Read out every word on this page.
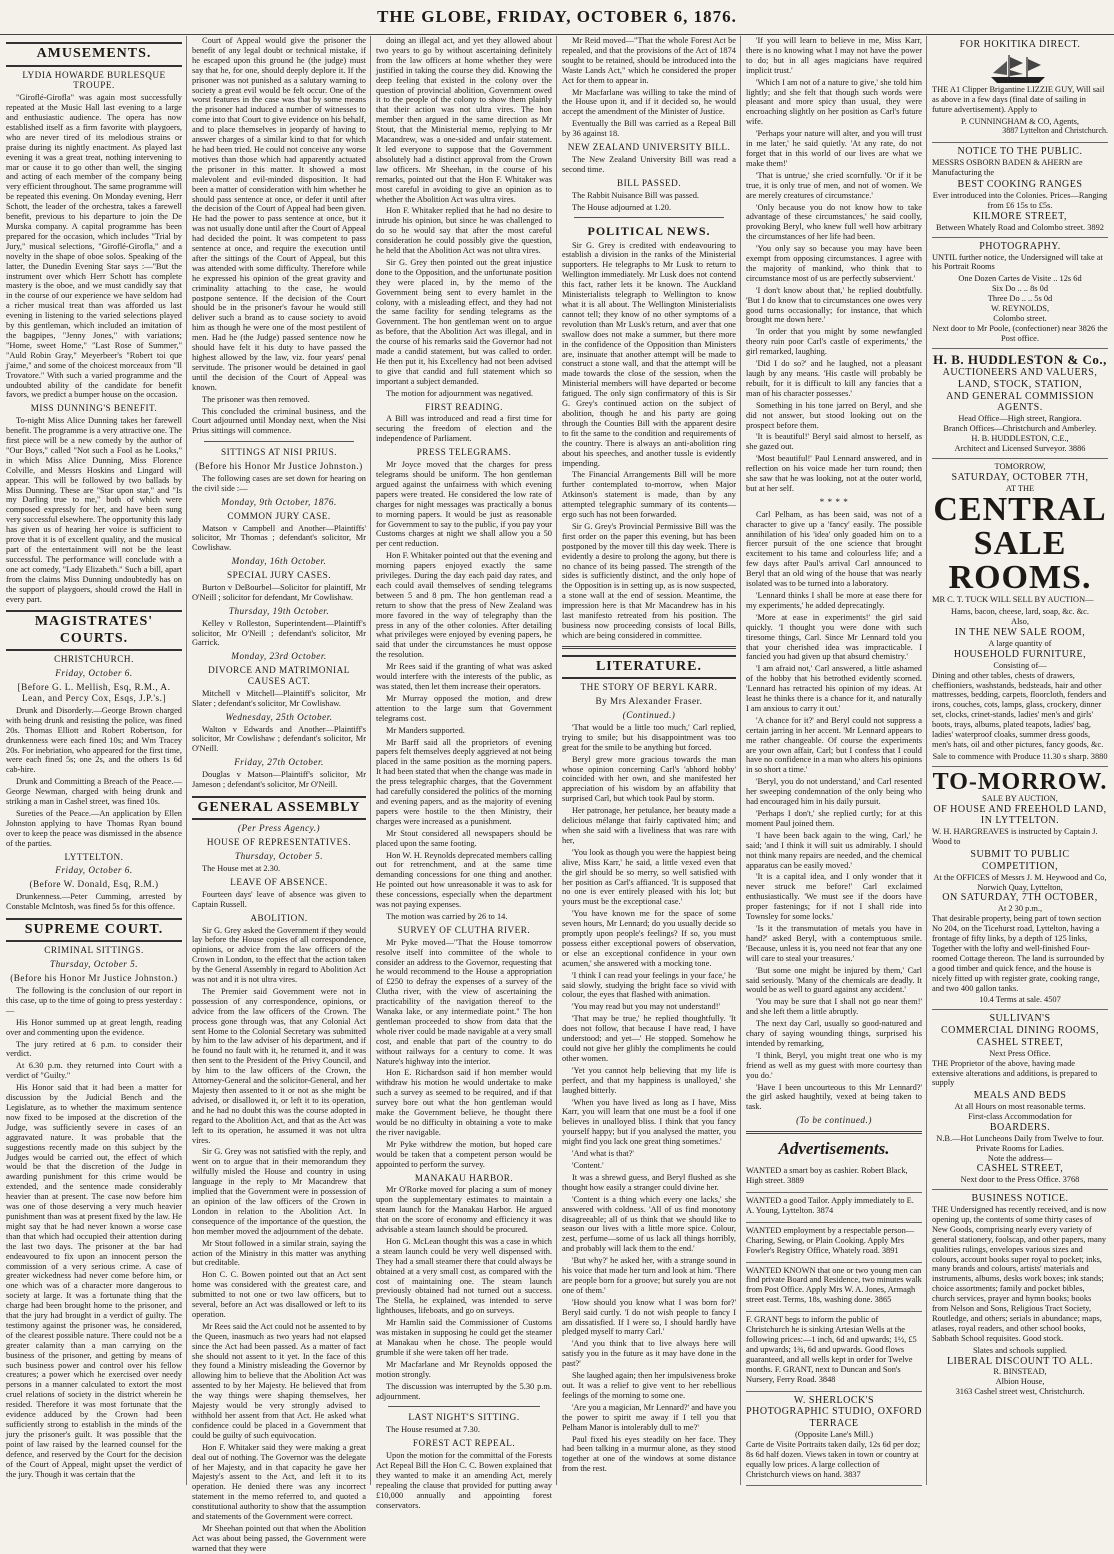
THE GLOBE, FRIDAY, OCTOBER 6, 1876.
AMUSEMENTS.
LYDIA HOWARDE BURLESQUE TROUPE.

"Giroflé-Girofla" was again most successfully repeated at the Music Hall last evening to a large and enthusiastic audience. The opera has now established itself as a firm favorite with playgoers, who are never tired of its melodious strains or praise during its nightly enactment. As played last evening it was a great treat, nothing intervening to mar or cause it to go other than well, the singing and acting of each member of the company being very efficient throughout. The same programme will be repeated this evening. On Monday evening, Herr Schott, the leader of the orchestra, takes a farewell benefit, previous to his departure to join the De Murska company. A capital programme has been prepared for the occasion, which includes "Trial by Jury," musical selections, "Giroflé-Girofla," and a novelty in the shape of oboe solos. Speaking of the latter, the Dunedin Evening Star says :—"But the instrument over which Herr Schott has complete mastery is the oboe, and we must candidly say that in the course of our experience we have seldom had a richer musical treat than was afforded us last evening in listening to the varied selections played by this gentleman, which included an imitation of the bagpipes, "Jenny Jones," with variations; "Home, sweet Home," "Last Rose of Summer," "Auld Robin Gray," Meyerbeer's "Robert toi que j'aime," and some of the choicest morceaux from "Il Trovatore." With such a varied programme and the undoubted ability of the candidate for benefit favors, we predict a bumper house on the occasion.

MISS DUNNING'S BENEFIT.

To-night Miss Alice Dunning takes her farewell benefit. The programme is a very attractive one. The first piece will be a new comedy by the author of "Our Boys," called "Not such a Fool as he Looks," in which Miss Alice Dunning, Miss Florence Colville, and Messrs Hoskins and Lingard will appear. This will be followed by two ballads by Miss Dunning. These are "Star upon star," and "Is my Darling true to me," both of which were composed expressly for her, and have been sung very successful elsewhere. The opportunity this lady has given us of hearing her voice is sufficient to prove that it is of excellent quality, and the musical part of the entertainment will not be the least successful. The performance will conclude with a one act comedy, "Lady Elizabeth." Such a bill, apart from the claims Miss Dunning undoubtedly has on the support of playgoers, should crowd the Hall in every part.

MAGISTRATES' COURTS.
CHRISTCHURCH.
Friday, October 6.
[Before G. L. Mellish, Esq, R.M., A. Lean, and Percy Cox, Esqs, J.P.'s.]

Drunk and Disorderly.—George Brown charged with being drunk and resisting the police, was fined 20s. Thomas Elliott and Robert Robertson, for drunkenness were each fined 10s; and Wm Tracey 20s. For inebriation, who appeared for the first time, were each fined 5s; one 2s, and the others 1s 6d cab-hire.

Drunk and Committing a Breach of the Peace.—George Newman, charged with being drunk and striking a man in Cashel street, was fined 10s.

Sureties of the Peace.—An application by Ellen Johnston applying to have Thomas Ryan bound over to keep the peace was dismissed in the absence of the parties.

LYTTELTON.
Friday, October 6.
(Before W. Donald, Esq, R.M.)

Drunkenness.—Peter Cumming, arrested by Constable McIntosh, was fined 5s for this offence.

SUPREME COURT.
CRIMINAL SITTINGS.
Thursday, October 5.
(Before his Honor Mr Justice Johnston.)

The following is the conclusion of our report in this case, up to the time of going to press yesterday :—

His Honor summed up at great length, reading over and commenting upon the evidence.

The jury retired at 6 p.m. to consider their verdict.

At 6.30 p.m. they returned into Court with a verdict of "Guilty."

His Honor said that it had been a matter for discussion by the Judicial Bench and the Legislature, as to whether the maximum sentence now fixed to be imposed at the discretion of the Judge, was sufficiently severe in cases of an aggravated nature. It was probable that the suggestions recently made on this subject by the Judges would be carried out, the effect of which would be that the discretion of the Judge in awarding punishment for this crime would be extended, and the sentence made considerably heavier than at present. The case now before him was one of those deserving a very much heavier punishment than was at present fixed by the law. He might say that he had never known a worse case than that which had occupied their attention during the last two days. The prisoner at the bar had endeavoured to fix upon an innocent person the commission of a very serious crime. A case of greater wickedness had never come before him, or one which was of a character more dangerous to society at large. It was a fortunate thing that the charge had been brought home to the prisoner, and that the jury had brought in a verdict of guilty. The testimony against the prisoner was, he considered, of the clearest possible nature. There could not be a greater calamity than a man carrying on the business of the prisoner, and getting by means of such business power and control over his fellow creatures; a power which he exercised over needy persons in a manner calculated to extort the most cruel relations of society in the district wherein he resided. Therefore it was most fortunate that the evidence adduced by the Crown had been sufficiently strong to establish in the minds of the jury the prisoner's guilt. It was possible that the point of law raised by the learned counsel for the defence, and reserved by the Court for the decision of the Court of Appeal, might upset the verdict of the jury. Though it was certain that the

Court of Appeal would give the prisoner the benefit of any legal doubt or technical mistake, if he escaped upon this ground he (the judge) must say that he, for one, should deeply deplore it. If the prisoner was not punished as a salutary warning to society a great evil would be felt occur. One of the worst features in the case was that by some means the prisoner had induced a number of witnesses to come into that Court to give evidence on his behalf, and to place themselves in jeopardy of having to answer charges of a similar kind to that for which he had been tried. He could not conceive any worse motives than those which had apparently actuated the prisoner in this matter. It showed a most malevolent and evil-minded disposition. It had been a matter of consideration with him whether he should pass sentence at once, or defer it until after the decision of the Court of Appeal had been given. He had the power to pass sentence at once, but it was not usually done until after the Court of Appeal had decided the point. It was competent to pass sentence at once, and require the execution until after the sittings of the Court of Appeal, but this was attended with some difficulty. Therefore while he expressed his opinion of the great gravity and criminality attaching to the case, he would postpone sentence. If the decision of the Court should be in the prisoner's favour he would still deliver such a brand as to cause society to avoid him as though he were one of the most pestilent of men. Had he (the Judge) passed sentence now he should have felt it his duty to have passed the highest allowed by the law, viz. four years' penal servitude. The prisoner would be detained in gaol until the decision of the Court of Appeal was known.

The prisoner was then removed.

This concluded the criminal business, and the Court adjourned until Monday next, when the Nisi Prius sittings will commence.

SITTINGS AT NISI PRIUS.
(Before his Honor Mr Justice Johnston.)

The following cases are set down for hearing on the civil side :—

Monday, 9th October, 1876.
COMMON JURY CASE.

Matson v Campbell and Another—Plaintiffs' solicitor, Mr Thomas ; defendant's solicitor, Mr Cowlishaw.

Monday, 16th October.
SPECIAL JURY CASES.

Burton v DeBourbel—Solicitor for plaintiff, Mr O'Neill ; solicitor for defendant, Mr Cowlishaw.

Thursday, 19th October.

Kelley v Rolleston, Superintendent—Plaintiff's solicitor, Mr O'Neill ; defendant's solicitor, Mr Garrick.

Monday, 23rd October.
DIVORCE AND MATRIMONIAL CAUSES ACT.

Mitchell v Mitchell—Plaintiff's solicitor, Mr Slater ; defendant's solicitor, Mr Cowlishaw.

Wednesday, 25th October.

Walton v Edwards and Another—Plaintiff's solicitor, Mr Cowlishaw ; defendant's solicitor, Mr O'Neill.

Friday, 27th October.

Douglas v Matson—Plaintiff's solicitor, Mr Jameson ; defendant's solicitor, Mr O'Neill.

GENERAL ASSEMBLY
(Per Press Agency.)
HOUSE OF REPRESENTATIVES.
Thursday, October 5.

The House met at 2.30.

LEAVE OF ABSENCE.

Fourteen days' leave of absence was given to Captain Russell.

ABOLITION.

Sir G. Grey asked the Government if they would lay before the House copies of all correspondence, opinions, or advice from the law officers of the Crown in London, to the effect that the action taken by the General Assembly in regard to Abolition Act was not and it is not ultra vires.

The Premier said Government were not in possession of any correspondence, opinions, or advice from the law officers of the Crown. The process gone through was, that any Colonial Act sent Home to the Colonial Secretary was submitted by him to the law adviser of his department, and if he found no fault with it, he returned it, and it was then sent to the President of the Privy Council, and by him to the law officers of the Crown, the Attorney-General and the solicitor-General, and her Majesty then assented to it or not as she might be advised, or disallowed it, or left it to its operation, and he had no doubt this was the course adopted in regard to the Abolition Act, and that as the Act was left to its operation, he assumed it was not ultra vires.

Sir G. Grey was not satisfied with the reply, and went on to argue that in their memorandum they wilfully misled the House and country in using language in the reply to Mr Macandrew that implied that the Government were in possession of an opinion of the law officers of the Crown in London in relation to the Abolition Act. In consequence of the importance of the question, the hon member moved the adjournment of the debate.

Mr Stout followed in a similar strain, saying the action of the Ministry in this matter was anything but creditable.

Hon C. C. Bowen pointed out that an Act sent home was considered with the greatest care, and submitted to not one or two law officers, but to several, before an Act was disallowed or left to its operation.

Mr Rees said the Act could not be assented to by the Queen, inasmuch as two years had not elapsed since the Act had been passed. As a matter of fact she should not assent to it yet. In the face of this they found a Ministry misleading the Governor by allowing him to believe that the Abolition Act was assented to by her Majesty. He believed that from the way things were shaping themselves, her Majesty would be very strongly advised to withhold her assent from that Act. He asked what confidence could be placed in a Government that could be guilty of such equivocation.

Hon F. Whitaker said they were making a great deal out of nothing. The Governor was the delegate of her Majesty, and in that capacity he gave her Majesty's assent to the Act, and left it to its operation. He denied there was any incorrect statement in the memo referred to, and quoted a constitutional authority to show that the assumption and statements of the Government were correct.

Mr Sheehan pointed out that when the Abolition Act was about being passed, the Government were warned that they were

doing an illegal act, and yet they allowed about two years to go by without ascertaining definitely from the law officers at home whether they were justified in taking the course they did. Knowing the deep feeling that existed in the colony over the question of provincial abolition, Government owed it to the people of the colony to show them plainly that their action was not ultra vires. The hon member then argued in the same direction as Mr Stout, that the Ministerial memo, replying to Mr Macandrew, was a one-sided and unfair statement. It led everyone to suppose that the Government absolutely had a distinct approval from the Crown law officers. Mr Sheehan, in the course of his remarks, pointed out that the Hon F. Whitaker was most careful in avoiding to give an opinion as to whether the Abolition Act was ultra vires.

Hon F. Whitaker replied that he had no desire to intrude his opinion, but since he was challenged to do so he would say that after the most careful consideration he could possibly give the question, he held that the Abolition Act was not ultra vires.

Sir G. Grey then pointed out the great injustice done to the Opposition, and the unfortunate position they were placed in, by the memo of the Government being sent to every hamlet in the colony, with a misleading effect, and they had not the same facility for sending telegrams as the Government. The hon gentleman went on to argue as before, that the Abolition Act was illegal, and in the course of his remarks said the Governor had not made a candid statement, but was called to order. He then put it, his Excellency had not been advised to give that candid and full statement which so important a subject demanded.

The motion for adjournment was negatived.

FIRST READING.

A Bill was introduced and read a first time for securing the freedom of election and the independence of Parliament.

PRESS TELEGRAMS.

Mr Joyce moved that the charges for press telegrams should be uniform. The hon gentleman argued against the unfairness with which evening papers were treated. He considered the low rate of charges for night messages was practically a bonus to morning papers. It would be just as reasonable for Government to say to the public, if you pay your Customs charges at night we shall allow you a 50 per cent reduction.

Hon F. Whitaker pointed out that the evening and morning papers enjoyed exactly the same privileges. During the day each paid day rates, and each could avail themselves of sending telegrams between 5 and 8 pm. The hon gentleman read a return to show that the press of New Zealand was more favored in the way of telegraphy than the press in any of the other colonies. After detailing what privileges were enjoyed by evening papers, he said that under the circumstances he must oppose the resolution.

Mr Rees said if the granting of what was asked would interfere with the interests of the public, as was stated, then let them increase their operators.

Mr Murray opposed the motion, and drew attention to the large sum that Government telegrams cost.

Mr Manders supported.

Mr Barff said all the proprietors of evening papers felt themselves deeply aggrieved at not being placed in the same position as the morning papers. It had been stated that when the change was made in the press telegraphic charges, that the Government had carefully considered the politics of the morning and evening papers, and as the majority of evening papers were hostile to the then Ministry, their charges were increased as a punishment.

Mr Stout considered all newspapers should be placed upon the same footing.

Hon W. H. Reynolds deprecated members calling out for retrenchment, and at the same time demanding concessions for one thing and another. He pointed out how unreasonable it was to ask for these concessions, especially when the department was not paying expenses.

The motion was carried by 26 to 14.

SURVEY OF CLUTHA RIVER.

Mr Pyke moved—"That the House tomorrow resolve itself into committee of the whole to consider an address to the Governor, requesting that he would recommend to the House a appropriation of £250 to defray the expenses of a survey of the Clutha river, with the view of ascertaining the practicability of the navigation thereof to the Wanaka lake, or any intermediate point." The hon gentleman proceeded to show from data that the whole river could be made navigable at a very small cost, and enable that part of the country to do without railways for a century to come. It was Nature's highway into the interior.

Hon E. Richardson said if hon member would withdraw his motion he would undertake to make such a survey as seemed to be required, and if that survey bore out what the hon gentleman would make the Government believe, he thought there would be no difficulty in obtaining a vote to make the river navigable.

Mr Pyke withdrew the motion, but hoped care would be taken that a competent person would be appointed to perform the survey.

MANAKAU HARBOR.

Mr O'Rorke moved for placing a sum of money upon the supplementary estimates to maintain a steam launch for the Manakau Harbor. He argued that on the score of economy and efficiency it was advisable a steam launch should be procured.

Hon G. McLean thought this was a case in which a steam launch could be very well dispensed with. They had a small steamer there that could always be obtained at a very small cost, as compared with the cost of maintaining one. The steam launch previously obtained had not turned out a success. The Stella, he explained, was intended to serve lighthouses, lifeboats, and go on surveys.

Mr Hamlin said the Commissioner of Customs was mistaken in supposing he could get the steamer at Manakau when he chose. The people would grumble if she were taken off her trade.

Mr Macfarlane and Mr Reynolds opposed the motion strongly.

The discussion was interrupted by the 5.30 p.m. adjournment.

LAST NIGHT'S SITTING.

The House resumed at 7.30.

FOREST ACT REPEAL.

Upon the motion for the committal of the Forests Act Repeal Bill the Hon C. C. Bowen explained that they wanted to make it an amending Act, merely repealing the clause that provided for putting away £10,000 annually and appointing forest conservators.

Mr Reid moved—"That the whole Forest Act be repealed, and that the provisions of the Act of 1874 sought to be retained, should be introduced into the Waste Lands Act," which he considered the proper Act for them to appear in.

Mr Macfarlane was willing to take the mind of the House upon it, and if it decided so, he would accept the amendment of the Minister of Justice.

Eventually the Bill was carried as a Repeal Bill by 36 against 18.

NEW ZEALAND UNIVERSITY BILL.

The New Zealand University Bill was read a second time.

BILL PASSED.

The Rabbit Nuisance Bill was passed.

The House adjourned at 1.20.

POLITICAL NEWS.

Sir G. Grey is credited with endeavouring to establish a division in the ranks of the Ministerial supporters. He telegraphs to Mr Lusk to return to Wellington immediately. Mr Lusk does not contend this fact, rather lets it be known. The Auckland Ministerialists telegraph to Wellington to know what it is all about. The Wellington Ministerialists cannot tell; they know of no other symptoms of a revolution than Mr Lusk's return, and aver that one swallow does not make a summer, but there more in the confidence of the Opposition than Ministers are, insinuate that another attempt will be made to construct a stone wall, and that the attempt will be made towards the close of the session, when the Ministerial members will have departed or become fatigued. The only sign confirmatory of this is Sir G. Grey's continued action on the subject of abolition, though he and his party are going through the Counties Bill with the apparent desire to fit the same to the condition and requirements of the country. There is always an anti-abolition ring about his speeches, and another tussle is evidently impending.

The Financial Arrangements Bill will be more further contemplated to-morrow, when Major Atkinson's statement is made, than by any attempted telegraphic summary of its contents—ergo such has not been forwarded.

Sir G. Grey's Provincial Permissive Bill was the first order on the paper this evening, but has been postponed by the mover till this day week. There is evidently a desire to prolong the agony, but there is no chance of its being passed. The strength of the sides is sufficiently distinct, and the only hope of the Opposition is in setting up, as is now suspected, a stone wall at the end of session. Meantime, the impression here is that Mr Macandrew has in his last manifesto retreated from his position. The business now proceeding consists of local Bills, which are being considered in committee.

LITERATURE.
THE STORY OF BERYL KARR.
By Mrs Alexander Fraser.
(Continued.)

'That would be a little too much,' Carl replied, trying to smile; but his disappointment was too great for the smile to be anything but forced.

Beryl grew more gracious towards the man whose opinion concerning Carl's 'abhord hobby' coincided with her own, and she manifested her appreciation of his wisdom by an affability that surprised Carl, but which took Paul by storm.

Her patronage, her petulance, her beauty made a delicious mélange that fairly captivated him; and when she said with a liveliness that was rare with her,

'You look as though you were the happiest being alive, Miss Karr,' he said, a little vexed even that the girl should be so merry, so well satisfied with her position as Carl's affianced. 'It is supposed that no one is ever entirely pleased with his lot; but yours must be the exceptional case.'

'You have known me for the space of some seven hours, Mr Lennard; do you usually decide so promptly upon people's feelings? If so, you must possess either exceptional powers of observation, or else an exceptional confidence in your own acumen,' she answered with a mocking tone.

'I think I can read your feelings in your face,' he said slowly, studying the bright face so vivid with colour, the eyes that flashed with animation.

'You may read but you may not understand!'

'That may be true,' he replied thoughtfully. 'It does not follow, that because I have read, I have understood; and yet—' He stopped. Somehow he could not give her glibly the compliments he could other women.

'Yet you cannot help believing that my life is perfect, and that my happiness is unalloyed,' she laughed bitterly.

'When you have lived as long as I have, Miss Karr, you will learn that one must be a fool if one believes in unalloyed bliss. I think that you fancy yourself happy; but if you analysed the matter, you might find you lack one great thing sometimes.'

'And what is that?'

'Content.'

It was a shrewd guess, and Beryl flushed as she thought how easily a stranger could divine her.

'Content is a thing which every one lacks,' she answered with coldness. 'All of us find monotony disagreeable; all of us think that we should like to season our lives with a little more spice. Colour, zest, perfume—some of us lack all things horribly, and probably will lack them to the end.'

'But why?' he asked her, with a strange sound in his voice that made her turn and look at him. 'There are people born for a groove; but surely you are not one of them.'

'How should you know what I was born for?' Beryl said curtly. 'I do not wish people to fancy I am dissatisfied. If I were so, I should hardly have pledged myself to marry Carl.'

'And you think that to live always here will satisfy you in the future as it may have done in the past?'

She laughed again; then her impulsiveness broke out. It was a relief to give vent to her rebellious feelings of the morning to some one.

'Are you a magician, Mr Lennard?' and have you the power to spirit me away if I tell you that Pelham Manor is intolerably dull to me?'

Paul fixed his eyes steadily on her face. They had been talking in a murmur alone, as they stood together at one of the windows at some distance from the rest.

'If you will learn to believe in me, Miss Karr, there is no knowing what I may not have the power to do; but in all ages magicians have required implicit trust.'

'Which I am not of a nature to give,' she told him lightly; and she felt that though such words were pleasant and more spicy than usual, they were encroaching slightly on her position as Carl's future wife.

'Perhaps your nature will alter, and you will trust in me later,' he said quietly. 'At any rate, do not forget that in this world of our lives are what we make them!'

'That is untrue,' she cried scornfully. 'Or if it be true, it is only true of men, and not of women. We are merely creatures of circumstance.'

'Only because you do not know how to take advantage of these circumstances,' he said coolly, provoking Beryl, who knew full well how arbitrary the circumstances of her life had been.

'You only say so because you may have been exempt from opposing circumstances. I agree with the majority of mankind, who think that to circumstance most of us are perfectly subservient.'

'I don't know about that,' he replied doubtfully. 'But I do know that to circumstances one owes very good turns occasionally; for instance, that which brought me down here.'

'In order that you might by some newfangled theory ruin poor Carl's castle of experiments,' the girl remarked, laughing.

'Did I do so?' and he laughed, not a pleasant laugh by any means. 'His castle will probably be rebuilt, for it is difficult to kill any fancies that a man of his character possesses.'

Something in his tone jarred on Beryl, and she did not answer, but stood looking out on the prospect before them.

'It is beautiful!' Beryl said almost to herself, as she gazed out.

'Most beautiful!' Paul Lennard answered, and in reflection on his voice made her turn round; then she saw that he was looking, not at the outer world, but at her self.

* * * *

Carl Pelham, as has been said, was not of a character to give up a 'fancy' easily. The possible annihilation of his 'idea' only goaded him on to a fiercer pursuit of the one science that brought excitement to his tame and colourless life; and a few days after Paul's arrival Carl announced to Beryl that an old wing of the house that was nearly isolated was to be turned into a laboratory.

'Lennard thinks I shall be more at ease there for my experiments,' he added deprecatingly.

'More at ease in experiments!' the girl said quickly. 'I thought you were done with such tiresome things, Carl. Since Mr Lennard told you that your cherished idea was impracticable. I fancied you had given up that absurd chemistry.'

'I am afraid not,' Carl answered, a little ashamed of the hobby that his betrothed evidently scorned. 'Lennard has retracted his opinion of my ideas. At least he thinks there is a chance for it, and naturally I am anxious to carry it out.'

'A chance for it?' and Beryl could not suppress a certain jarring in her accent. 'Mr Lennard appears to me rather changeable. Of course the experiments are your own affair, Carl; but I confess that I could have no confidence in a man who alters his opinions in so short a time.'

'Beryl, you do not understand,' and Carl resented her sweeping condemnation of the only being who had encouraged him in his daily pursuit.

'Perhaps I don't,' she replied curtly; for at this moment Paul joined them.

'I have been back again to the wing, Carl,' he said; 'and I think it will suit us admirably. I should not think many repairs are needed, and the chemical apparatus can be easily moved.'

'It is a capital idea, and I only wonder that it never struck me before!' Carl exclaimed enthusiastically. 'We must see if the doors have proper fastenings; for if not I shall ride into Townsley for some locks.'

'Is it the transmutation of metals you have in hand?' asked Beryl, with a contemptuous smile. 'Because, unless it is, you need not fear that any one will care to steal your treasures.'

'But some one might be injured by them,' Carl said seriously. 'Many of the chemicals are deadly. It would be as well to guard against any accident.'

'You may be sure that I shall not go near them!' and she left them a little abruptly.

The next day Carl, usually so good-natured and chary of saying wounding things, surprised his intended by remarking,

'I think, Beryl, you might treat one who is my friend as well as my guest with more courtesy than you do.'

'Have I been uncourteous to this Mr Lennard?' the girl asked haughtily, vexed at being taken to task.

(To be continued.)
Advertisements.

WANTED a smart boy as cashier. Robert Black, High street. 3889

WANTED a good Tailor. Apply immediately to E. A. Young, Lyttelton. 3874

WANTED employment by a respectable person—Charing, Sewing, or Plain Cooking. Apply Mrs Fowler's Registry Office, Whately road. 3891

WANTED KNOWN that one or two young men can find private Board and Residence, two minutes walk from Post Office. Apply Mrs W. A. Jones, Armagh street east. Terms, 18s, washing done. 3865

F. GRANT begs to inform the public of Christchurch he is sinking Artesian Wells at the following prices:—1 inch, 6d and upwards; 1½, £5 and upwards; 1¾, 6d and upwards. Good flows guaranteed, and all wells kept in order for Twelve months. F. GRANT, next to Duncan and Son's Nursery, Ferry Road. 3848

W. SHERLOCK'S
PHOTOGRAPHIC STUDIO, OXFORD TERRACE
(Opposite Lane's Mill.)

Carte de Visite Portraits taken daily, 12s 6d per doz; 8s 6d half dozen. Views taken in town or country at equally low prices. A large collection of Christchurch views on hand. 3837

FOR HOKITIKA DIRECT.

THE A1 Clipper Brigantine LIZZIE GUY, Will sail as above in a few days (final date of sailing in future advertisement). Apply to

P. CUNNINGHAM & CO, Agents,

3887 Lyttelton and Christchurch.

NOTICE TO THE PUBLIC.

MESSRS OSBORN BADEN & AHERN are Manufacturing the

BEST COOKING RANGES
Ever introduced into the Colonies. Prices—Ranging from £6 15s to £5s.
KILMORE STREET,
Between Whately Road and Colombo street. 3892
PHOTOGRAPHY.

UNTIL further notice, the Undersigned will take at his Portrait Rooms

One Dozen Cartes de Visite .. 12s 6d
Six Do .. .. 8s 0d
Three Do .. .. 5s 0d
W. REYNOLDS,
Colombo street.
Next door to Mr Poole, (confectioner) near 3826 the Post office.
H. B. HUDDLESTON & Co.,
AUCTIONEERS AND VALUERS,
LAND, STOCK, STATION,
AND GENERAL COMMISSION AGENTS.
Head Office—High street, Rangiora.
Branch Offices—Christchurch and Amberley.
H. B. HUDDLESTON, C.E.,
Architect and Licensed Surveyor. 3886
TOMORROW,
SATURDAY, OCTOBER 7TH,
AT THE
CENTRAL
SALE ROOMS.

MR C. T. TUCK WILL SELL BY AUCTION—

Hams, bacon, cheese, lard, soap, &c. &c.
Also,
IN THE NEW SALE ROOM,
A large quantity of
HOUSEHOLD FURNITURE,
Consisting of—

Dining and other tables, chests of drawers, cheffioniers, washstands, bedsteads, hair and other mattresses, bedding, carpets, floorcloth, fenders and irons, couches, cots, lamps, glass, crockery, dinner set, clocks, crinet-stands, ladies' men's and girls' boots, trays, albums, plated teapots, ladies' bag, ladies' waterproof cloaks, summer dress goods, men's hats, oil and other pictures, fancy goods, &c.

Sale to commence with Produce 11.30 s sharp. 3880
TO-MORROW.
SALE BY AUCTION,
OF HOUSE AND FREEHOLD LAND,
IN LYTTELTON.

W. H. HARGREAVES is instructed by Captain J. Wood to

SUBMIT TO PUBLIC COMPETITION,
At the OFFICES of Messrs J. M. Heywood and Co, Norwich Quay, Lyttelton,
ON SATURDAY, 7TH OCTOBER,
At 2 30 p.m.,

That desirable property, being part of town section No 204, on the Ticehurst road, Lyttelton, having a frontage of fifty links, by a depth of 125 links, Together with the lofty and well-finished Four-roomed Cottage thereon. The land is surrounded by a good timber and quick fence, and the house is nicely fitted up with register grate, cooking range, and two 400 gallon tanks.

10.4 Terms at sale. 4507
SULLIVAN'S
COMMERCIAL DINING ROOMS,
CASHEL STREET,
Next Press Office.

THE Proprietor of the above, having made extensive alterations and additions, is prepared to supply

MEALS AND BEDS
At all Hours on most reasonable terms.
First-class Accommodation for
BOARDERS.
N.B.—Hot Luncheons Daily from Twelve to four.
Private Rooms for Ladies.
Note the address—
CASHEL STREET,
Next door to the Press Office. 3768
BUSINESS NOTICE.

THE Undersigned has recently received, and is now opening up, the contents of some thirty cases of New Goods, comprising nearly every variety of general stationery, foolscap, and other papers, many qualities rulings, envelopes various sizes and colours, account books super royal to pocket; inks, many brands and colours, artists' materials and instruments, albums, desks work boxes; ink stands; choice assortments; family and pocket bibles, church services, prayer and hymn books; books from Nelson and Sons, Religious Tract Society, Routledge, and others; serials in abundance; maps, atlases, royal readers, and other school books, Sabbath School requisites. Good stock.

Slates and schools supplied.
LIBERAL DISCOUNT TO ALL.
R. BINSTEAD,
Albion House,
3163 Cashel street west, Christchurch.
